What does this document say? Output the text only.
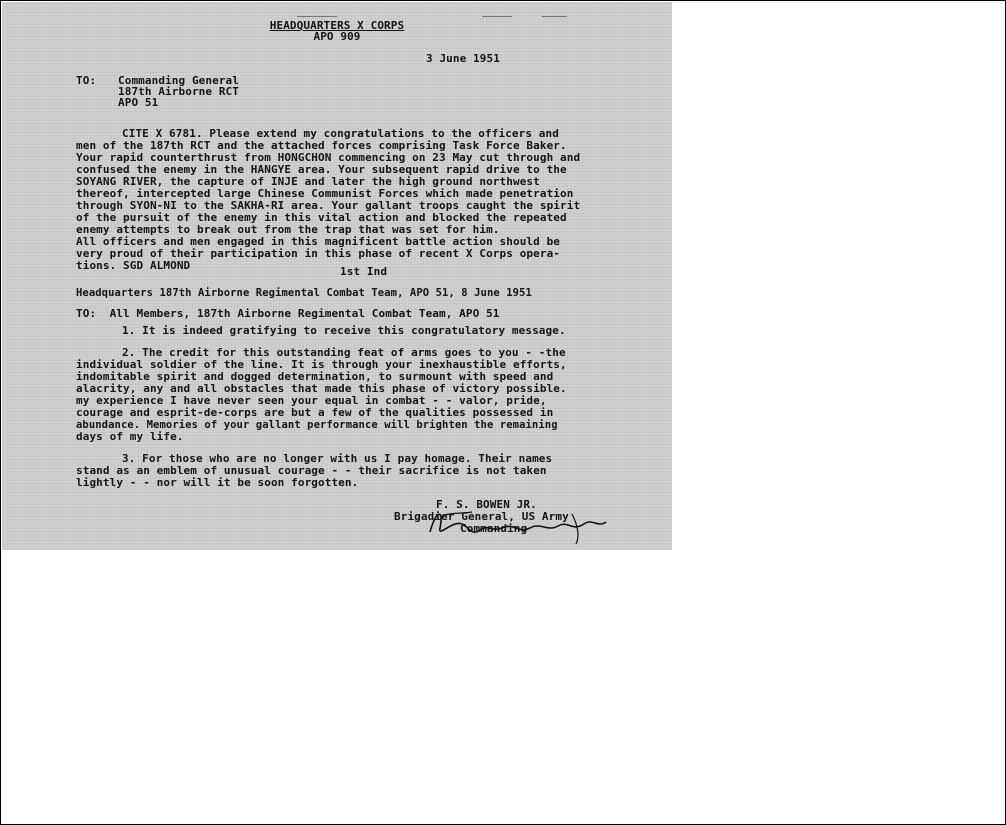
HEADQUARTERS X CORPS
APO 909
3 June 1951
TO: Commanding General
187th Airborne RCT
APO 51
CITE X 6781. Please extend my congratulations to the officers and
men of the 187th RCT and the attached forces comprising Task Force Baker.
Your rapid counterthrust from HONGCHON commencing on 23 May cut through and
confused the enemy in the HANGYE area. Your subsequent rapid drive to the
SOYANG RIVER, the capture of INJE and later the high ground northwest
thereof, intercepted large Chinese Communist Forces which made penetration
through SYON-NI to the SAKHA-RI area. Your gallant troops caught the spirit
of the pursuit of the enemy in this vital action and blocked the repeated
enemy attempts to break out from the trap that was set for him.
All officers and men engaged in this magnificent battle action should be
very proud of their participation in this phase of recent X Corps opera-
tions. SGD ALMOND	1st Ind
Headquarters 187th Airborne Regimental Combat Team, APO 51, 8 June 1951
TO:  All Members, 187th Airborne Regimental Combat Team, APO 51
1. It is indeed gratifying to receive this congratulatory message.
2. The credit for this outstanding feat of arms goes to you - -the
individual soldier of the line. It is through your inexhaustible efforts,
indomitable spirit and dogged determination, to surmount with speed and
alacrity, any and all obstacles that made this phase of victory possible.
my experience I have never seen your equal in combat - - valor, pride,
courage and esprit-de-corps are but a few of the qualities possessed in
abundance. Memories of your gallant performance will brighten the remaining
days of my life.
3. For those who are no longer with us I pay homage. Their names
stand as an emblem of unusual courage - - their sacrifice is not taken
lightly - - nor will it be soon forgotten.
F. S. BOWEN JR.
Brigadier General, US Army
Commanding
